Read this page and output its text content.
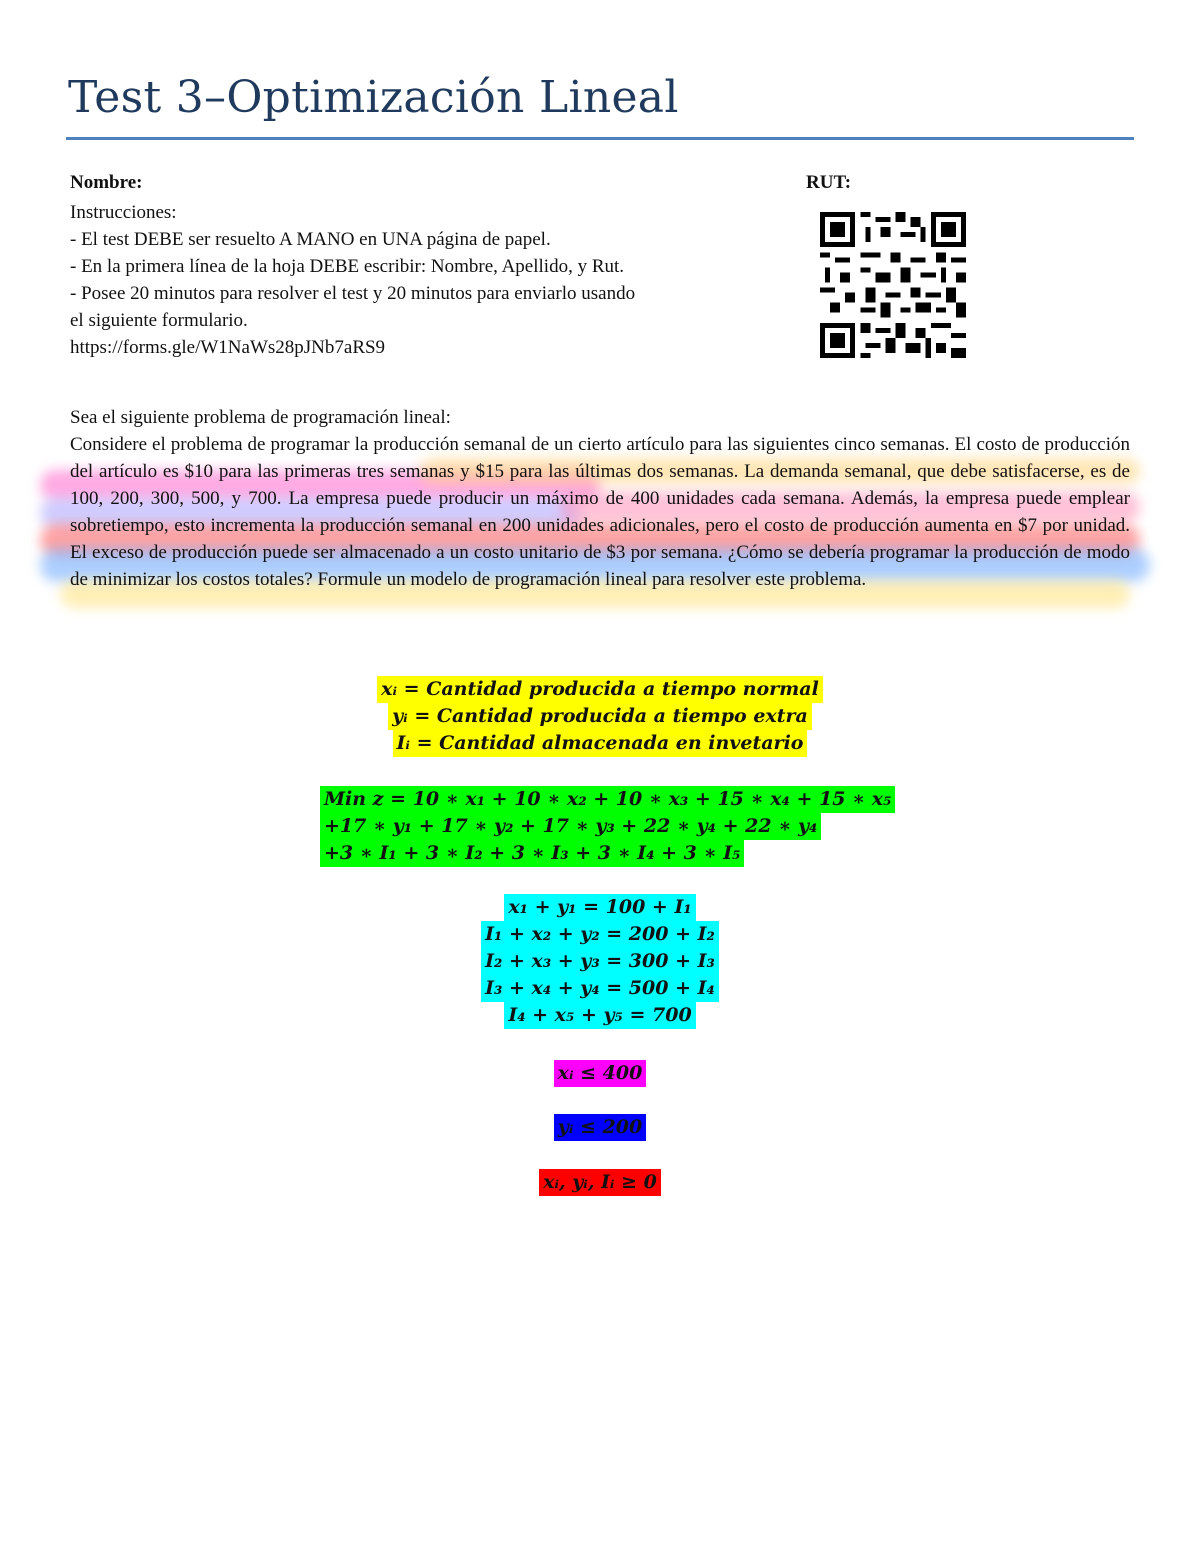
Test 3–Optimización Lineal
Nombre:	RUT:
Instrucciones:
- El test DEBE ser resuelto A MANO en UNA página de papel.
- En la primera línea de la hoja DEBE escribir: Nombre, Apellido, y Rut.
- Posee 20 minutos para resolver el test y 20 minutos para enviarlo usando
el siguiente formulario.
https://forms.gle/W1NaWs28pJNb7aRS9
Sea el siguiente problema de programación lineal:
Considere el problema de programar la producción semanal de un cierto artículo para las siguientes cinco semanas. El costo de producción del artículo es $10 para las primeras tres semanas y $15 para las últimas dos semanas. La demanda semanal, que debe satisfacerse, es de 100, 200, 300, 500, y 700. La empresa puede producir un máximo de 400 unidades cada semana. Además, la empresa puede emplear sobretiempo, esto incrementa la producción semanal en 200 unidades adicionales, pero el costo de producción aumenta en $7 por unidad. El exceso de producción puede ser almacenado a un costo unitario de $3 por semana. ¿Cómo se debería programar la producción de modo de minimizar los costos totales? Formule un modelo de programación lineal para resolver este problema.
xᵢ = Cantidad producida a tiempo normal
yᵢ = Cantidad producida a tiempo extra
Iᵢ = Cantidad almacenada en invetario
Min z = 10 ∗ x₁ + 10 ∗ x₂ + 10 ∗ x₃ + 15 ∗ x₄ + 15 ∗ x₅
+17 ∗ y₁ + 17 ∗ y₂ + 17 ∗ y₃ + 22 ∗ y₄ + 22 ∗ y₄
+3 ∗ I₁ + 3 ∗ I₂ + 3 ∗ I₃ + 3 ∗ I₄ + 3 ∗ I₅
x₁ + y₁ = 100 + I₁
I₁ + x₂ + y₂ = 200 + I₂
I₂ + x₃ + y₃ = 300 + I₃
I₃ + x₄ + y₄ = 500 + I₄
I₄ + x₅ + y₅ = 700
xᵢ ≤ 400
yᵢ ≤ 200
xᵢ, yᵢ, Iᵢ ≥ 0
